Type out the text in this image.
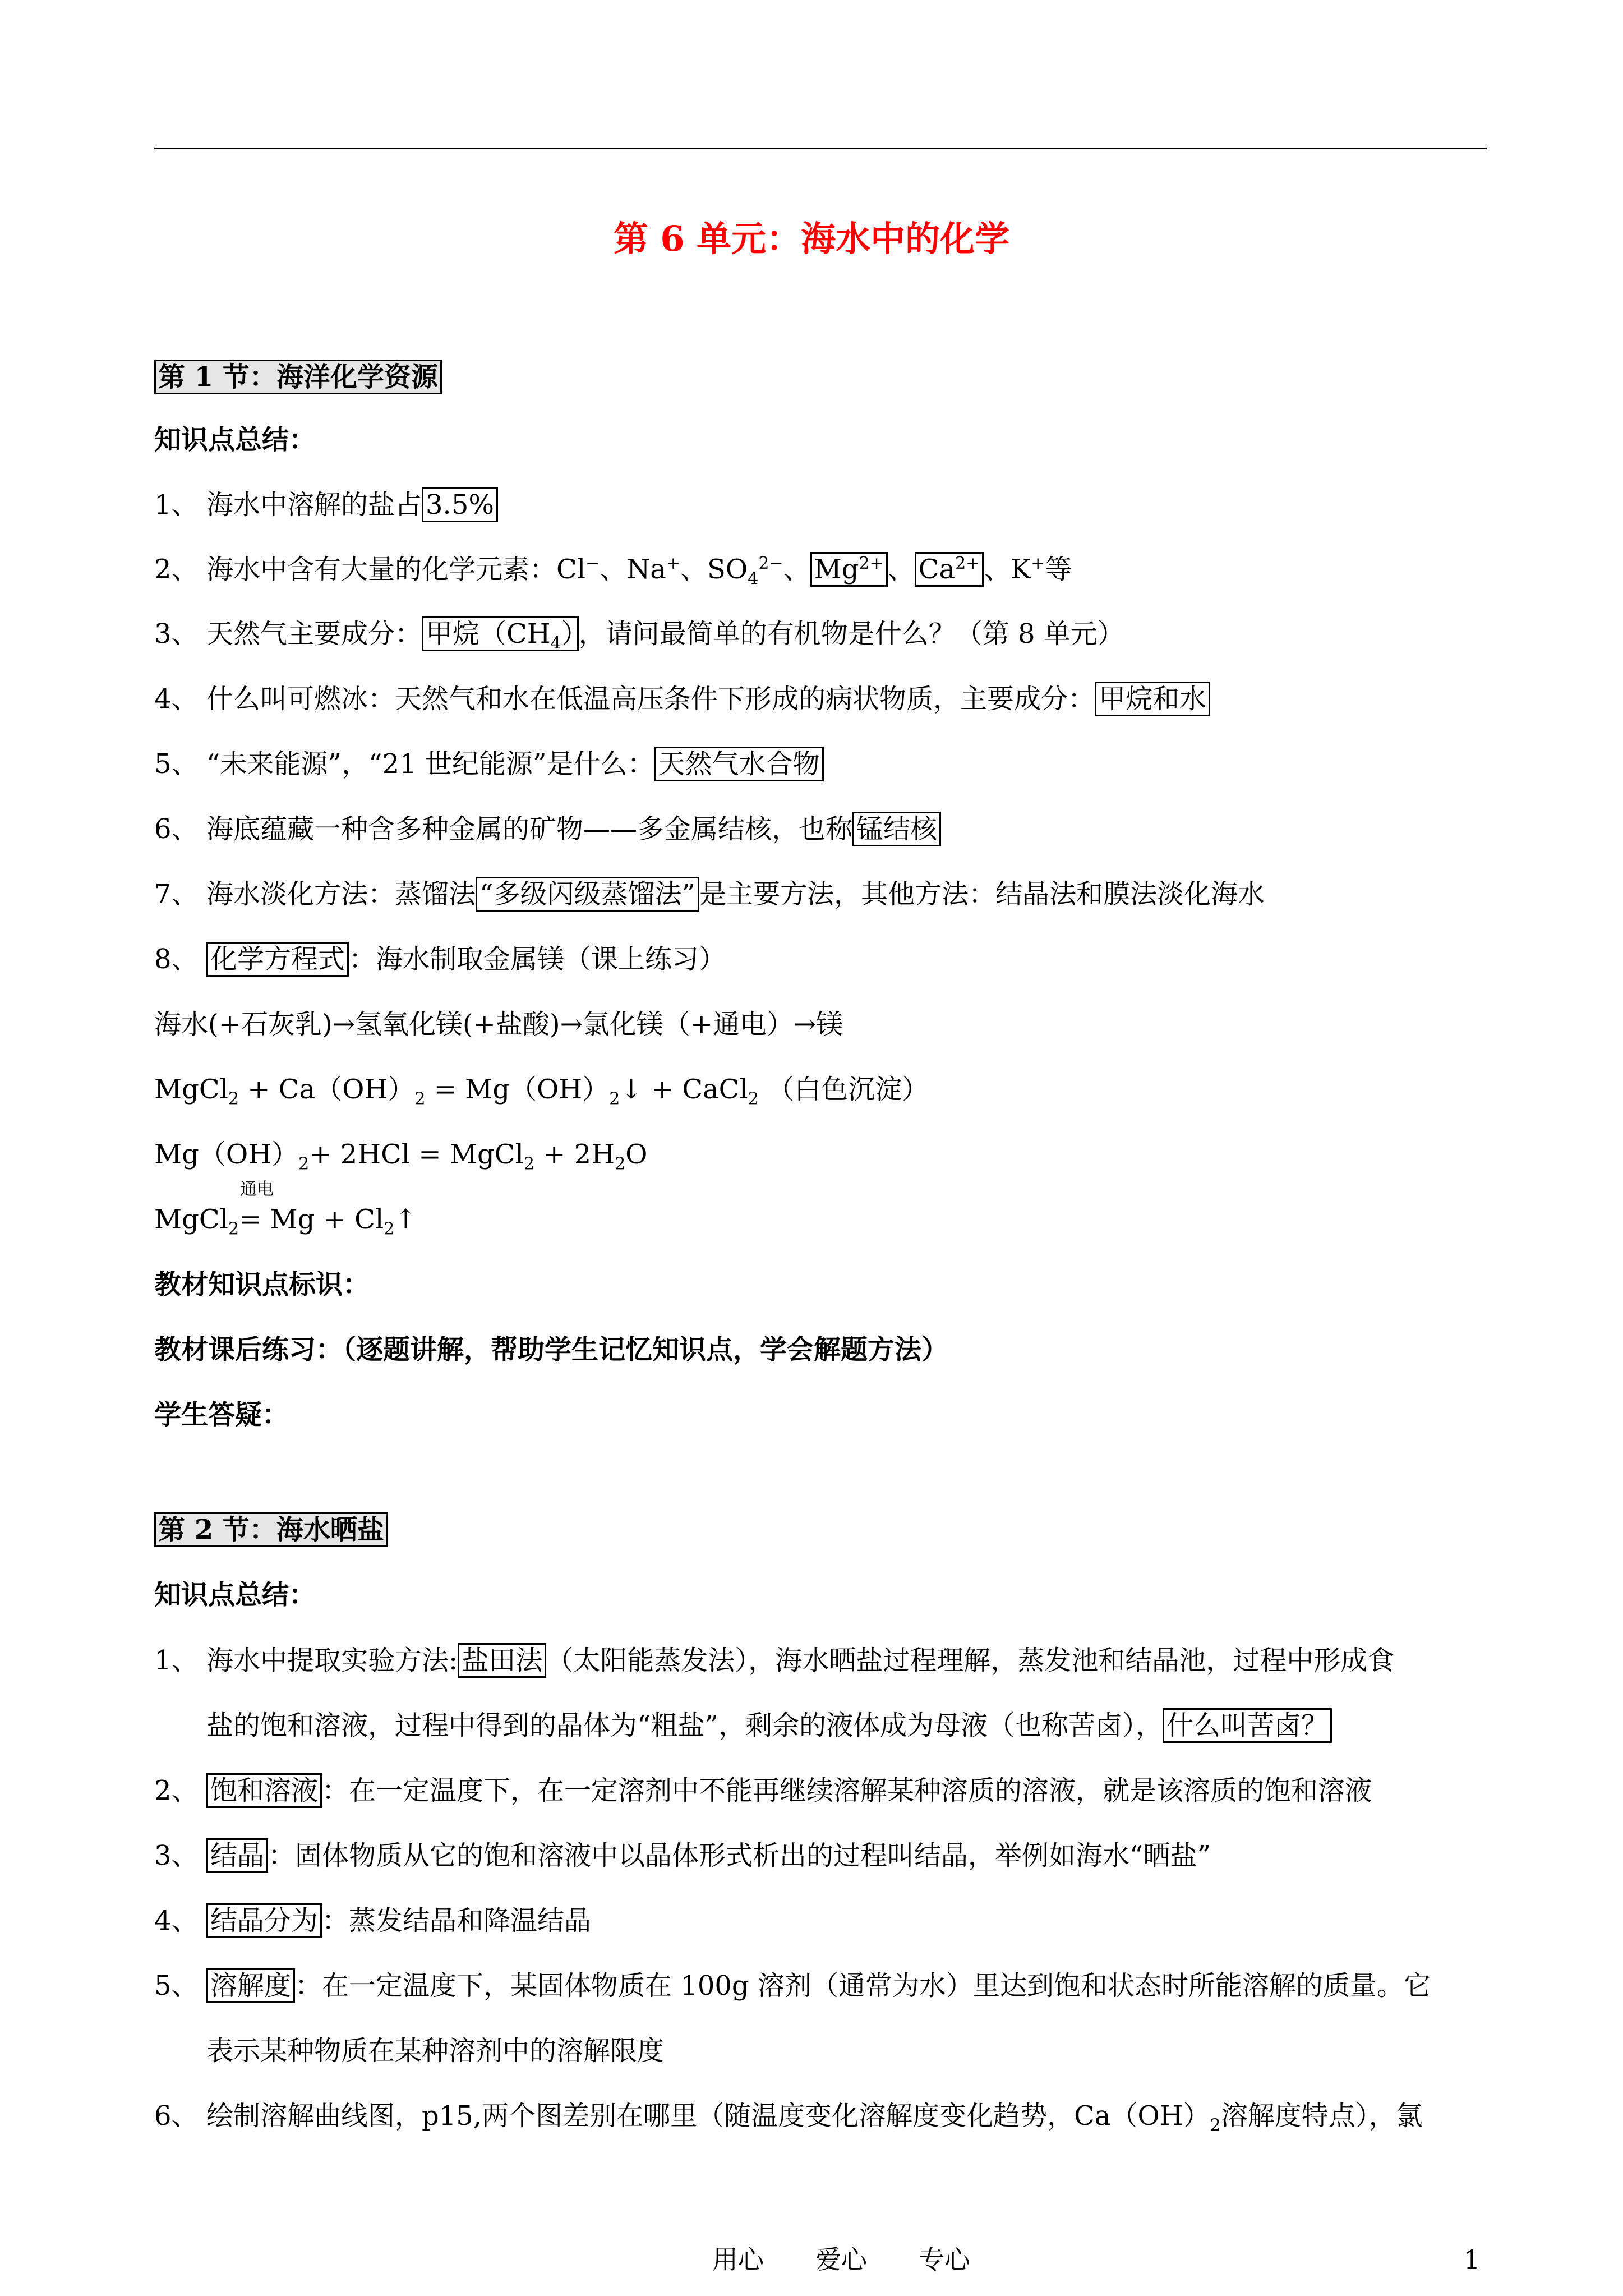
第 6 单元：海水中的化学
第 1 节：海洋化学资源
知识点总结：
1、 海水中溶解的盐占 3.5%
2、 海水中含有大量的化学元素：Cl−、Na+、$SO_4^{2-}$、 $Mg^{2+}$ 、 $Ca^{2+}$ 、K+等
3、 天然气主要成分： 甲烷$(CH_4)$ ，请问最简单的有机物是什么？（第 8 单元）
4、 什么叫可燃冰：天然气和水在低温高压条件下形成的病状物质，主要成分： 甲烷和水
5、 “未来能源”，“21 世纪能源”是什么： 天然气水合物
6、 海底蕴藏一种含多种金属的矿物——多金属结核，也称 锰结核
7、 海水淡化方法：蒸馏法 “多级闪级蒸馏法” 是主要方法，其他方法：结晶法和膜法淡化海水
8、 化学方程式 ：海水制取金属镁（课上练习）
海水(+石灰乳)→氢氧化镁(+盐酸)→氯化镁（+通电）→镁
MgCl$_2$ + $Ca(OH)_2$ = $Mg(OH)_2↓$ + CaCl$_2$ （白色沉淀）
$Mg(OH)_2+ 2HCl$ = MgCl$_2$ + $2H_2O$
MgCl$_2$
通电
= $Mg + Cl_2↑$
教材知识点标识：
教材课后练习：（逐题讲解，帮助学生记忆知识点，学会解题方法）
学生答疑：
第 2 节：海水晒盐
知识点总结：
1、 海水中提取实验方法: 盐田法 （太阳能蒸发法），海水晒盐过程理解，蒸发池和结晶池，过程中形成食
盐的饱和溶液，过程中得到的晶体为“粗盐”，剩余的液体成为母液（也称苦卤）， 什么叫苦卤？
2、 饱和溶液 ：在一定温度下，在一定溶剂中不能再继续溶解某种溶质的溶液，就是该溶质的饱和溶液
3、 结晶 ：固体物质从它的饱和溶液中以晶体形式析出的过程叫结晶，举例如海水“晒盐”
4、 结晶分为 ：蒸发结晶和降温结晶
5、 溶解度 ：在一定温度下，某固体物质在 100g 溶剂（通常为水）里达到饱和状态时所能溶解的质量。它
表示某种物质在某种溶剂中的溶解限度
6、 绘制溶解曲线图，p15,两个图差别在哪里（随温度变化溶解度变化趋势，$Ca(OH)_2$溶解度特点），氯
用心　　爱心　　专心	1
